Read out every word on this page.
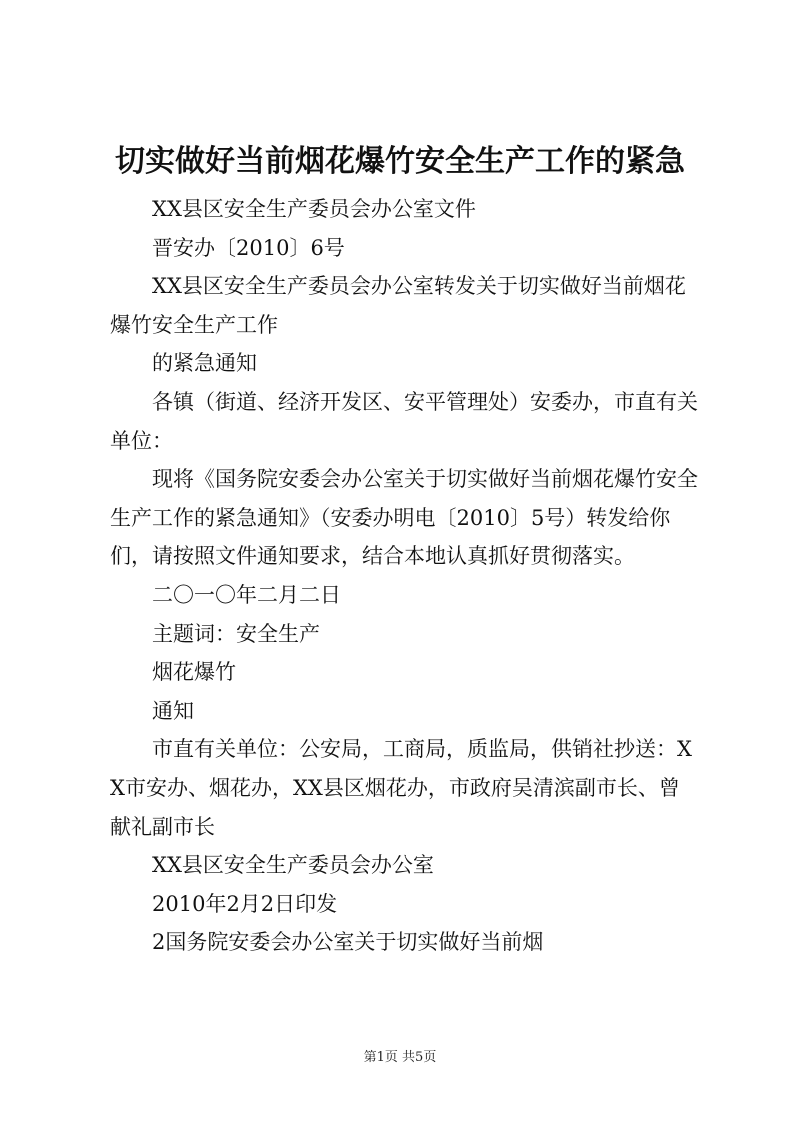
切实做好当前烟花爆竹安全生产工作的紧急

XX县区安全生产委员会办公室文件

晋安办〔2010〕6号

XX县区安全生产委员会办公室转发关于切实做好当前烟花爆竹安全生产工作

的紧急通知

各镇（街道、经济开发区、安平管理处）安委办，市直有关单位：

现将《国务院安委会办公室关于切实做好当前烟花爆竹安全生产工作的紧急通知》（安委办明电〔2010〕5号）转发给你们，请按照文件通知要求，结合本地认真抓好贯彻落实。

二〇一〇年二月二日

主题词：安全生产

烟花爆竹

通知

市直有关单位：公安局，工商局，质监局，供销社抄送：XX市安办、烟花办，XX县区烟花办，市政府吴清滨副市长、曾献礼副市长

XX县区安全生产委员会办公室

2010年2月2日印发

2国务院安委会办公室关于切实做好当前烟

第1页 共5页
